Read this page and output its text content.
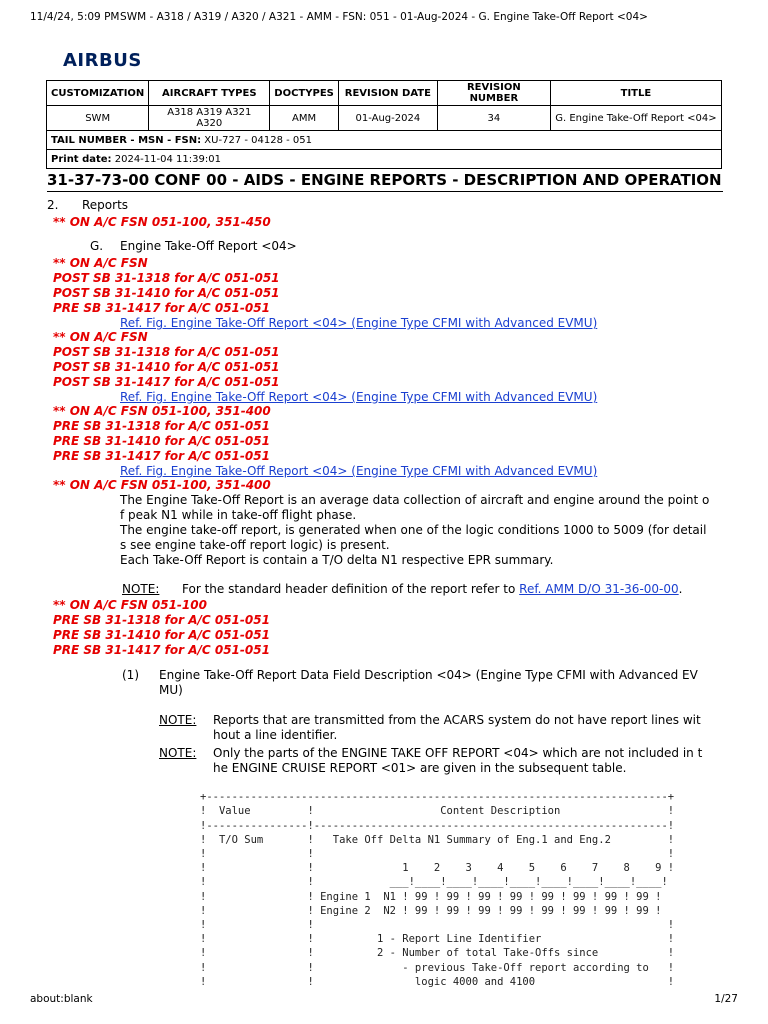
11/4/24, 5:09 PM SWM - A318 / A319 / A320 / A321 - AMM - FSN: 051 - 01-Aug-2024 - G. Engine Take-Off Report <04>
AIRBUS
CUSTOMIZATION	AIRCRAFT TYPES	DOCTYPES	REVISION DATE	REVISION NUMBER	TITLE
SWM	A318 A319 A321 A320	AMM	01-Aug-2024	34	G. Engine Take-Off Report <04>
TAIL NUMBER - MSN - FSN: XU-727 - 04128 - 051					
Print date: 2024-11-04 11:39:01					
31-37-73-00 CONF 00 - AIDS - ENGINE REPORTS - DESCRIPTION AND OPERATION
2. Reports
** ON A/C FSN 051-100, 351-450
G. Engine Take-Off Report <04>
** ON A/C FSN
POST SB 31-1318 for A/C 051-051
POST SB 31-1410 for A/C 051-051
PRE SB 31-1417 for A/C 051-051
Ref. Fig. Engine Take-Off Report <04> (Engine Type CFMI with Advanced EVMU)
** ON A/C FSN
POST SB 31-1318 for A/C 051-051
POST SB 31-1410 for A/C 051-051
POST SB 31-1417 for A/C 051-051
Ref. Fig. Engine Take-Off Report <04> (Engine Type CFMI with Advanced EVMU)
** ON A/C FSN 051-100, 351-400
PRE SB 31-1318 for A/C 051-051
PRE SB 31-1410 for A/C 051-051
PRE SB 31-1417 for A/C 051-051
Ref. Fig. Engine Take-Off Report <04> (Engine Type CFMI with Advanced EVMU)
** ON A/C FSN 051-100, 351-400
The Engine Take-Off Report is an average data collection of aircraft and engine around the point o
f peak N1 while in take-off flight phase.
The engine take-off report, is generated when one of the logic conditions 1000 to 5009 (for detail
s see engine take-off report logic) is present.
Each Take-Off Report is contain a T/O delta N1 respective EPR summary.
NOTE: For the standard header definition of the report refer to Ref. AMM D/O 31-36-00-00.
** ON A/C FSN 051-100
PRE SB 31-1318 for A/C 051-051
PRE SB 31-1410 for A/C 051-051
PRE SB 31-1417 for A/C 051-051
(1) Engine Take-Off Report Data Field Description <04> (Engine Type CFMI with Advanced EV
MU)
NOTE: Reports that are transmitted from the ACARS system do not have report lines wit
hout a line identifier.
NOTE: Only the parts of the ENGINE TAKE OFF REPORT <04> which are not included in t
he ENGINE CRUISE REPORT <01> are given in the subsequent table.

+-------------------------------------------------------------------------+
!  Value         !                    Content Description                 !
!----------------!--------------------------------------------------------!
!  T/O Sum       !   Take Off Delta N1 Summary of Eng.1 and Eng.2         !
!                !                                                        !
!                !              1    2    3    4    5    6    7    8    9 !
!                !            ___!____!____!____!____!____!____!____!____!
!                ! Engine 1  N1 ! 99 ! 99 ! 99 ! 99 ! 99 ! 99 ! 99 ! 99 !
!                ! Engine 2  N2 ! 99 ! 99 ! 99 ! 99 ! 99 ! 99 ! 99 ! 99 !
!                !                                                        !
!                !          1 - Report Line Identifier                    !
!                !          2 - Number of total Take-Offs since           !
!                !              - previous Take-Off report according to   !
!                !                logic 4000 and 4100                     !

about:blank	1/27
